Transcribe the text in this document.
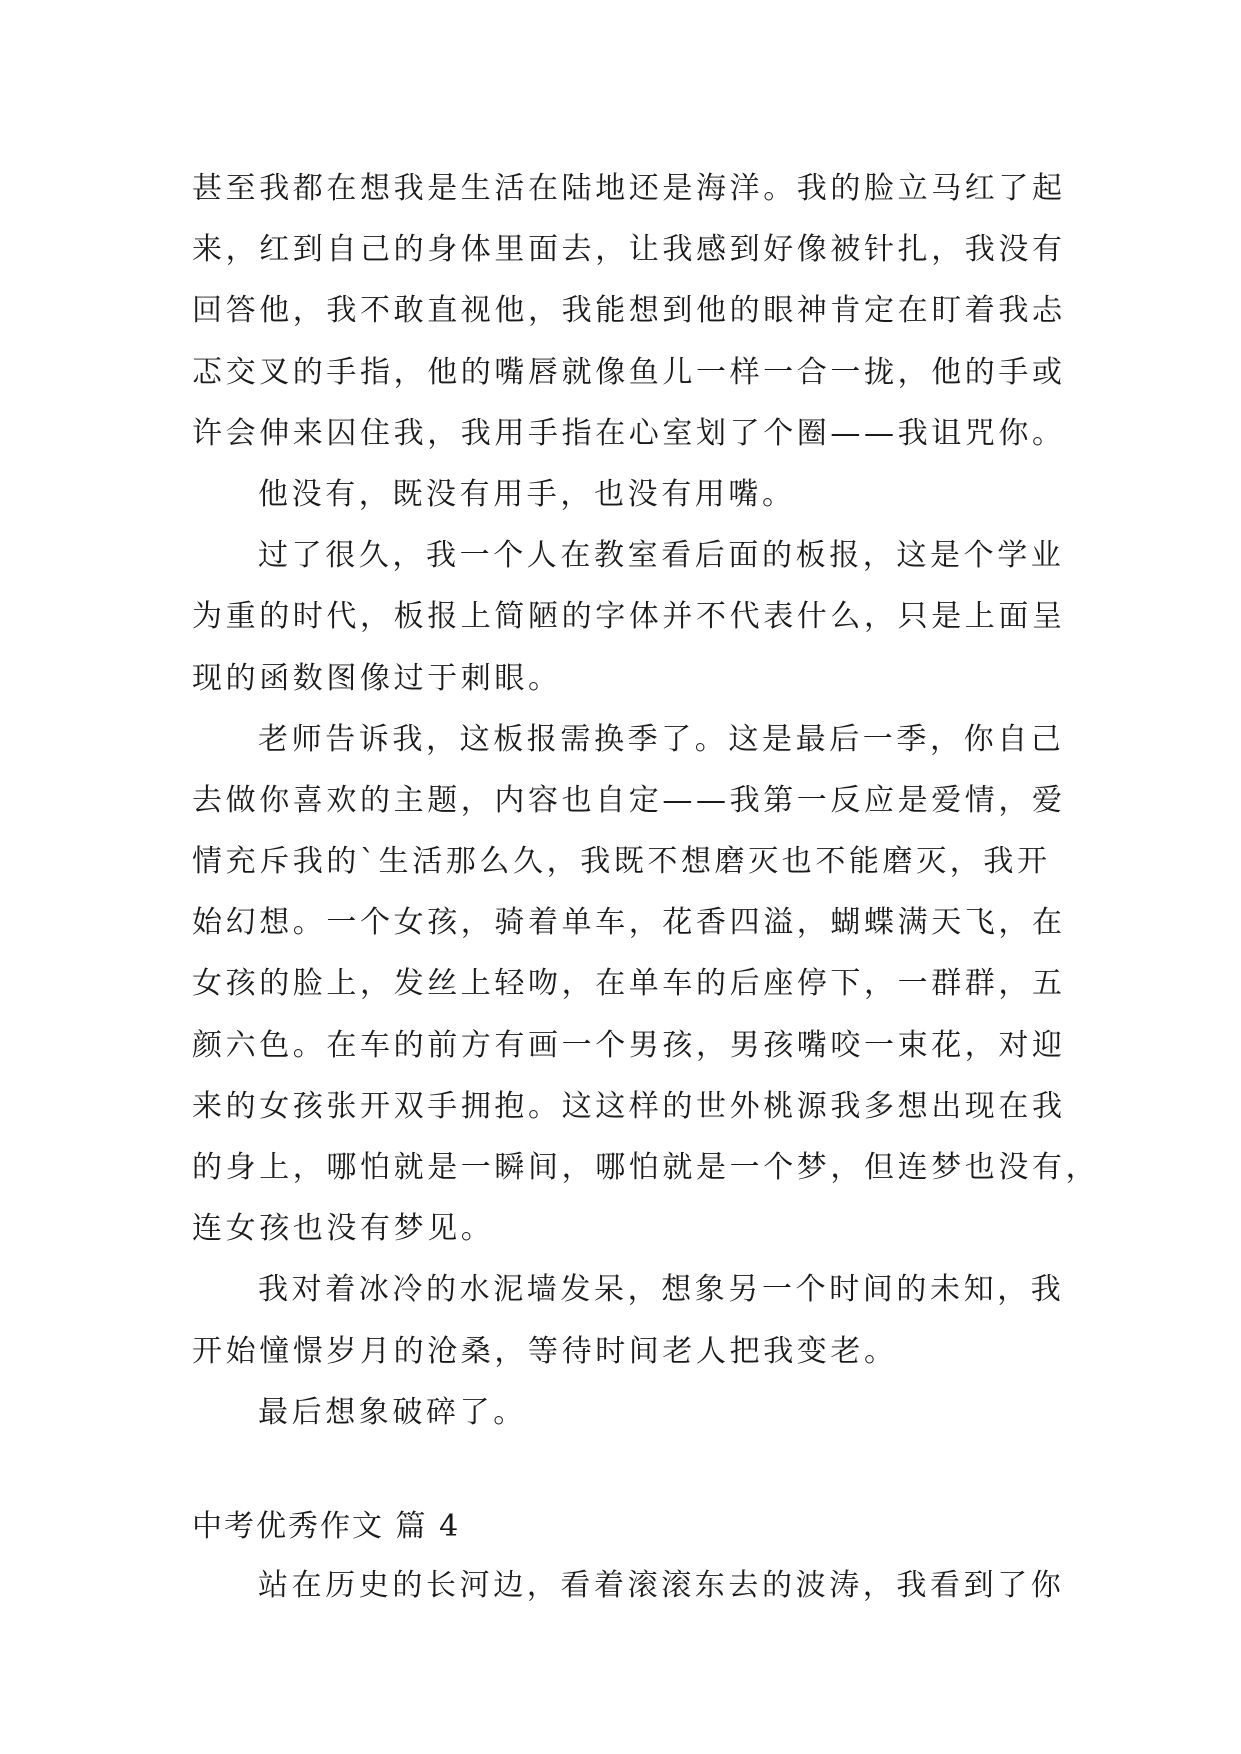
甚至我都在想我是生活在陆地还是海洋。我的脸立马红了起

来，红到自己的身体里面去，让我感到好像被针扎，我没有

回答他，我不敢直视他，我能想到他的眼神肯定在盯着我忐

忑交叉的手指，他的嘴唇就像鱼儿一样一合一拢，他的手或

许会伸来囚住我，我用手指在心室划了个圈——我诅咒你。

他没有，既没有用手，也没有用嘴。

过了很久，我一个人在教室看后面的板报，这是个学业

为重的时代，板报上简陋的字体并不代表什么，只是上面呈

现的函数图像过于刺眼。

老师告诉我，这板报需换季了。这是最后一季，你自己

去做你喜欢的主题，内容也自定——我第一反应是爱情，爱

情充斥我的`生活那么久，我既不想磨灭也不能磨灭，我开

始幻想。一个女孩，骑着单车，花香四溢，蝴蝶满天飞，在

女孩的脸上，发丝上轻吻，在单车的后座停下，一群群，五

颜六色。在车的前方有画一个男孩，男孩嘴咬一束花，对迎

来的女孩张开双手拥抱。这这样的世外桃源我多想出现在我

的身上，哪怕就是一瞬间，哪怕就是一个梦，但连梦也没有，

连女孩也没有梦见。

我对着冰冷的水泥墙发呆，想象另一个时间的未知，我

开始憧憬岁月的沧桑，等待时间老人把我变老。

最后想象破碎了。

中考优秀作文 篇 4

站在历史的长河边，看着滚滚东去的波涛，我看到了你
